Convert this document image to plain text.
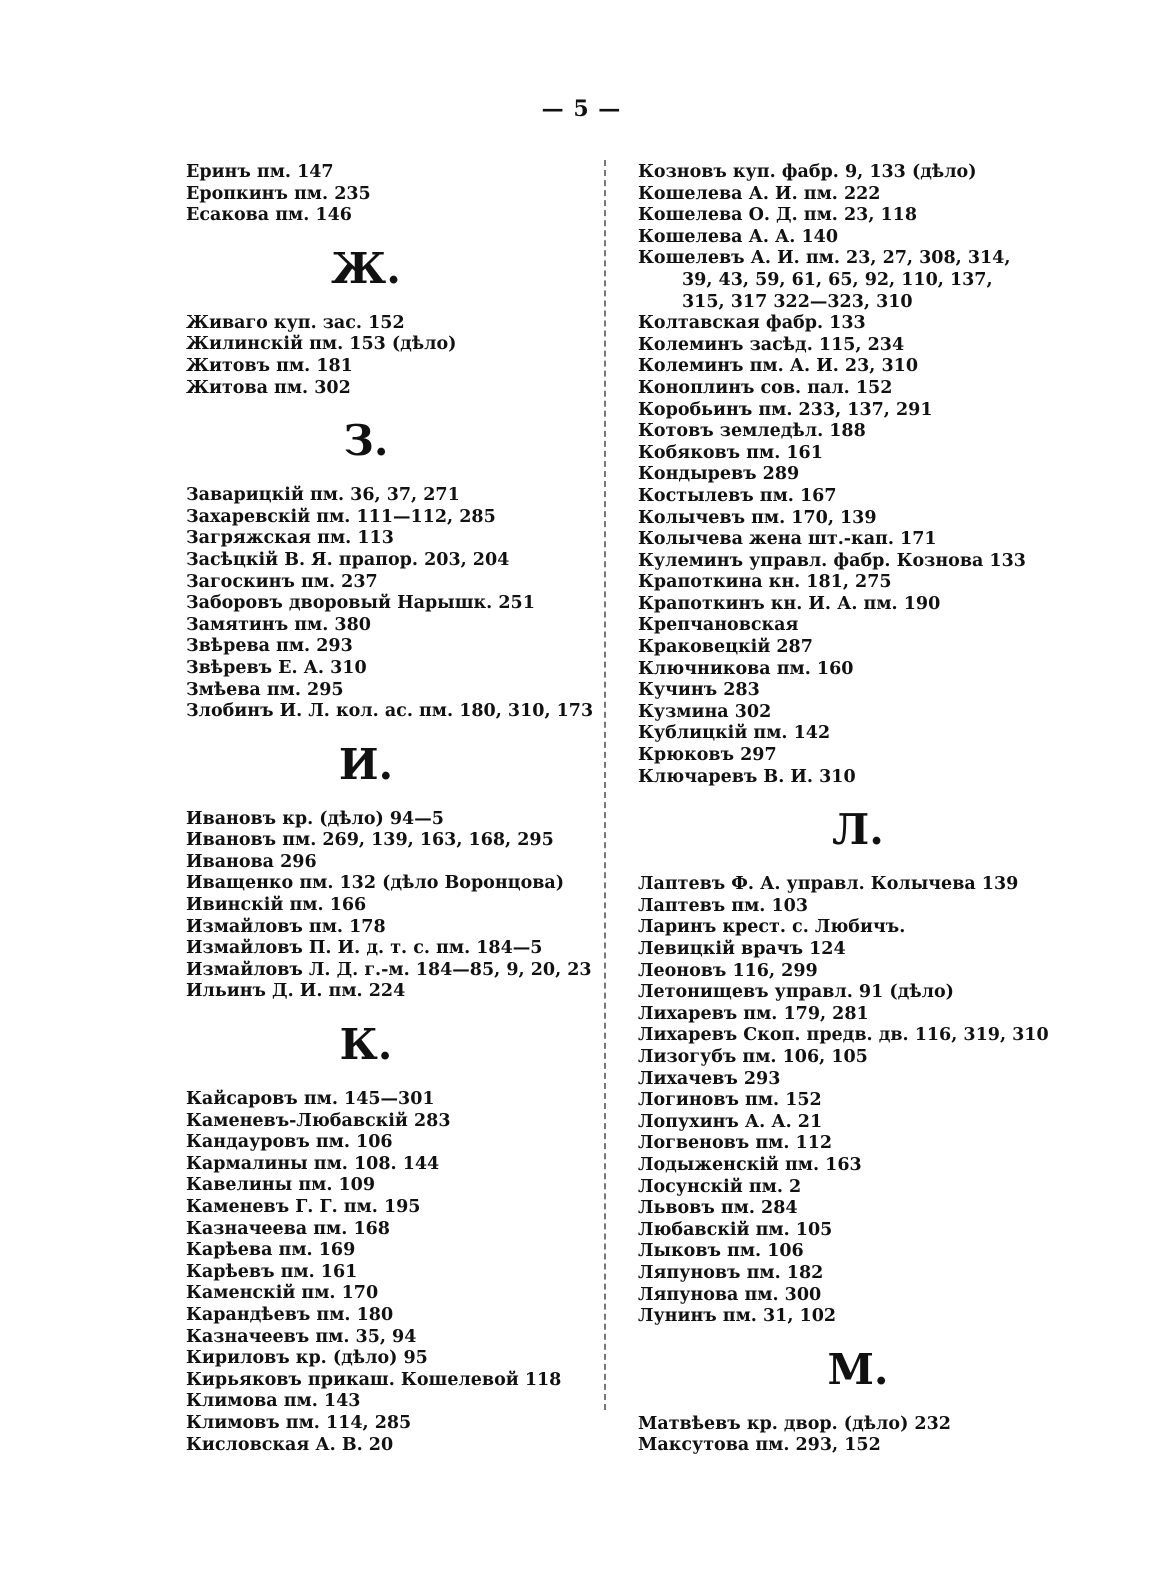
— 5 —
Еринъ пм. 147
Еропкинъ пм. 235
Есакова пм. 146
Ж.
Живаго куп. зас. 152
Жилинскій пм. 153 (дѣло)
Житовъ пм. 181
Житова пм. 302
З.
Заварицкій пм. 36, 37, 271
Захаревскій пм. 111—112, 285
Загряжская пм. 113
Засѣцкій В. Я. прапор. 203, 204
Загоскинъ пм. 237
Заборовъ дворовый Нарышк. 251
Замятинъ пм. 380
Звѣрева пм. 293
Звѣревъ Е. А. 310
Змѣева пм. 295
Злобинъ И. Л. кол. ас. пм. 180, 310, 173
И.
Ивановъ кр. (дѣло) 94—5
Ивановъ пм. 269, 139, 163, 168, 295
Иванова 296
Иващенко пм. 132 (дѣло Воронцова)
Ивинскій пм. 166
Измайловъ пм. 178
Измайловъ П. И. д. т. с. пм. 184—5
Измайловъ Л. Д. г.-м. 184—85, 9, 20, 23
Ильинъ Д. И. пм. 224
К.
Кайсаровъ пм. 145—301
Каменевъ-Любавскій 283
Кандауровъ пм. 106
Кармалины пм. 108. 144
Кавелины пм. 109
Каменевъ Г. Г. пм. 195
Казначеева пм. 168
Карѣева пм. 169
Карѣевъ пм. 161
Каменскій пм. 170
Карандѣевъ пм. 180
Казначеевъ пм. 35, 94
Кириловъ кр. (дѣло) 95
Кирьяковъ прикаш. Кошелевой 118
Климова пм. 143
Климовъ пм. 114, 285
Кисловская А. В. 20
Козновъ куп. фабр. 9, 133 (дѣло)
Кошелева А. И. пм. 222
Кошелева О. Д. пм. 23, 118
Кошелева А. А. 140
Кошелевъ А. И. пм. 23, 27, 308, 314,
39, 43, 59, 61, 65, 92, 110, 137,
315, 317 322—323, 310
Колтавская фабр. 133
Колеминъ засѣд. 115, 234
Колеминъ пм. А. И. 23, 310
Коноплинъ сов. пал. 152
Коробьинъ пм. 233, 137, 291
Котовъ земледѣл. 188
Кобяковъ пм. 161
Кондыревъ 289
Костылевъ пм. 167
Колычевъ пм. 170, 139
Колычева жена шт.-кап. 171
Кулеминъ управл. фабр. Кознова 133
Крапоткина кн. 181, 275
Крапоткинъ кн. И. А. пм. 190
Крепчановская
Краковецкій 287
Ключникова пм. 160
Кучинъ 283
Кузмина 302
Кублицкій пм. 142
Крюковъ 297
Ключаревъ В. И. 310
Л.
Лаптевъ Ф. А. управл. Колычева 139
Лаптевъ пм. 103
Ларинъ крест. с. Любичъ.
Левицкій врачъ 124
Леоновъ 116, 299
Летонищевъ управл. 91 (дѣло)
Лихаревъ пм. 179, 281
Лихаревъ Скоп. предв. дв. 116, 319, 310
Лизогубъ пм. 106, 105
Лихачевъ 293
Логиновъ пм. 152
Лопухинъ А. А. 21
Логвеновъ пм. 112
Лодыженскій пм. 163
Лосунскій пм. 2
Львовъ пм. 284
Любавскій пм. 105
Лыковъ пм. 106
Ляпуновъ пм. 182
Ляпунова пм. 300
Лунинъ пм. 31, 102
М.
Матвѣевъ кр. двор. (дѣло) 232
Максутова пм. 293, 152
